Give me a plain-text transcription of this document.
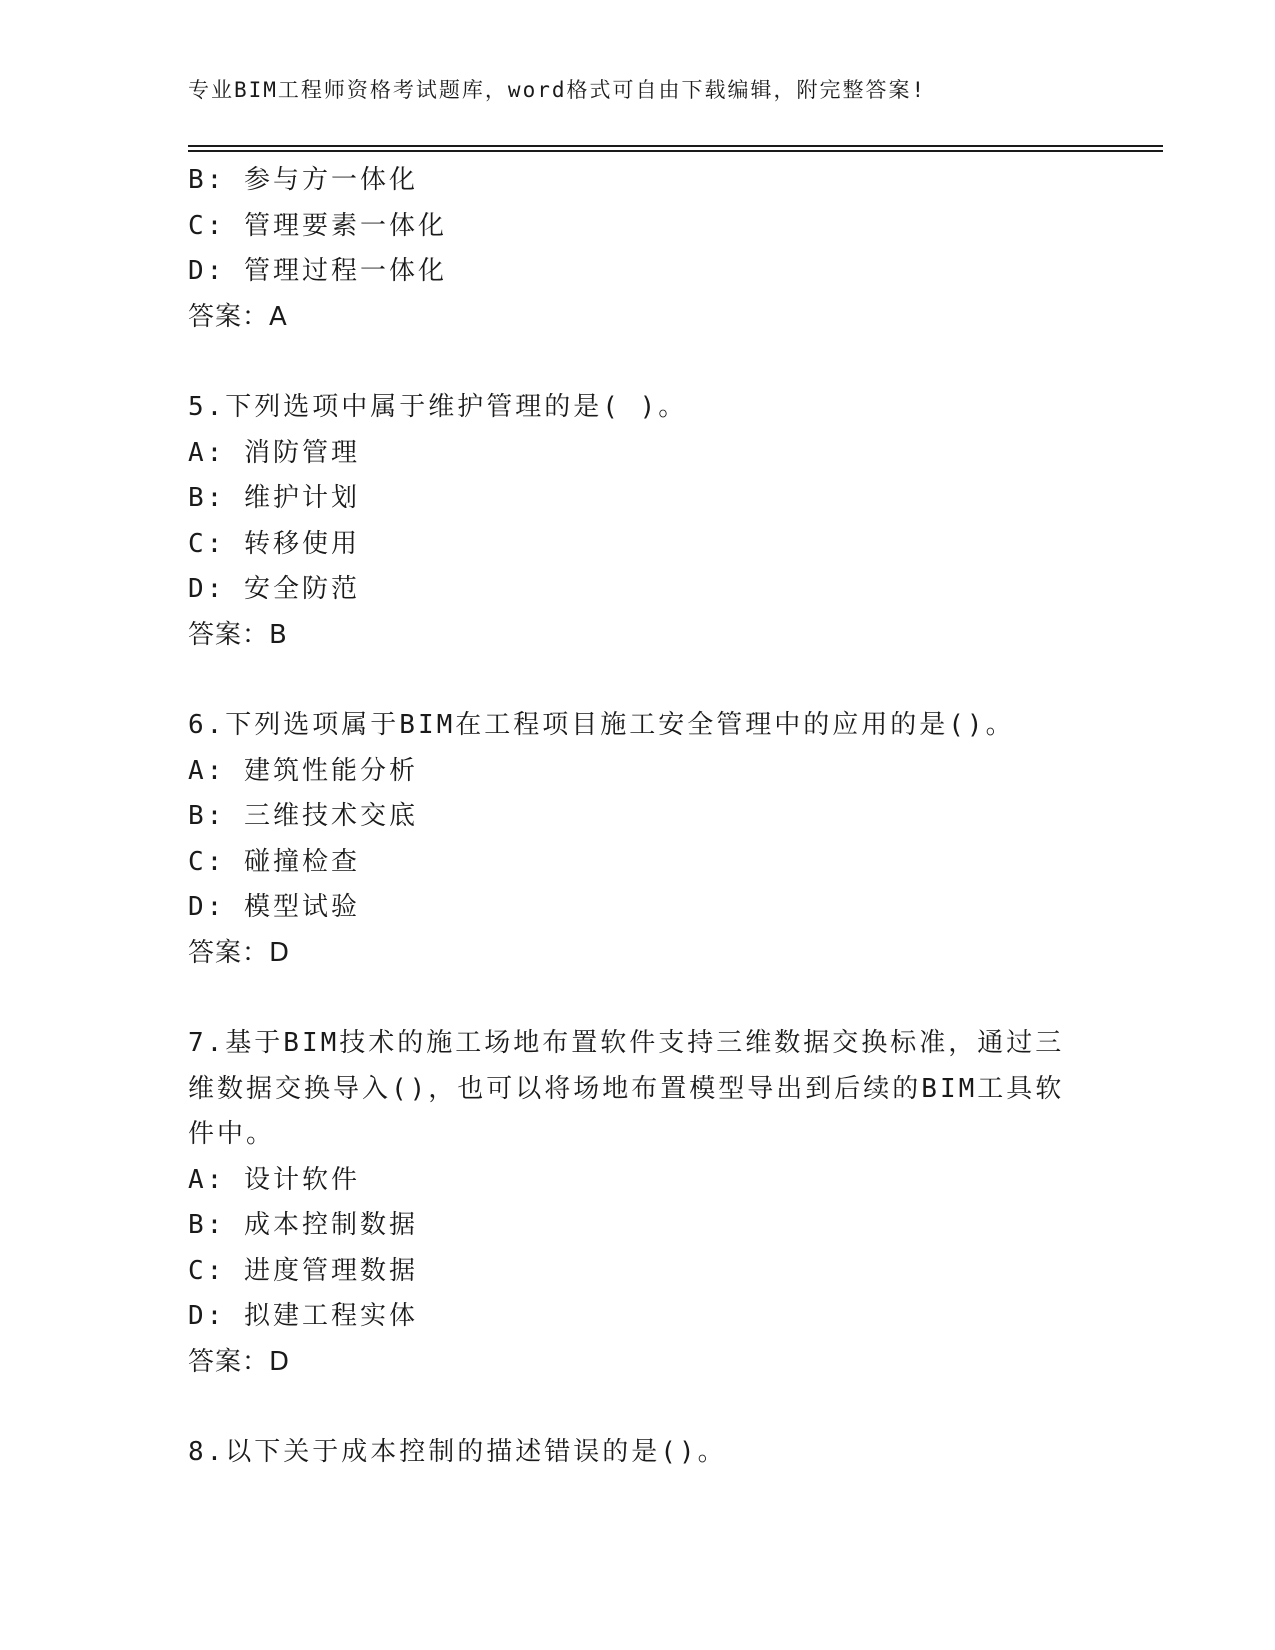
专业BIM工程师资格考试题库，word格式可自由下载编辑，附完整答案!
B: 参与方一体化
C: 管理要素一体化
D: 管理过程一体化
答案：A
5.下列选项中属于维护管理的是( )。
A: 消防管理
B: 维护计划
C: 转移使用
D: 安全防范
答案：B
6.下列选项属于BIM在工程项目施工安全管理中的应用的是()。
A: 建筑性能分析
B: 三维技术交底
C: 碰撞检查
D: 模型试验
答案：D
7.基于BIM技术的施工场地布置软件支持三维数据交换标准，通过三维数据交换导入()，也可以将场地布置模型导出到后续的BIM工具软件中。
A: 设计软件
B: 成本控制数据
C: 进度管理数据
D: 拟建工程实体
答案：D
8.以下关于成本控制的描述错误的是()。
